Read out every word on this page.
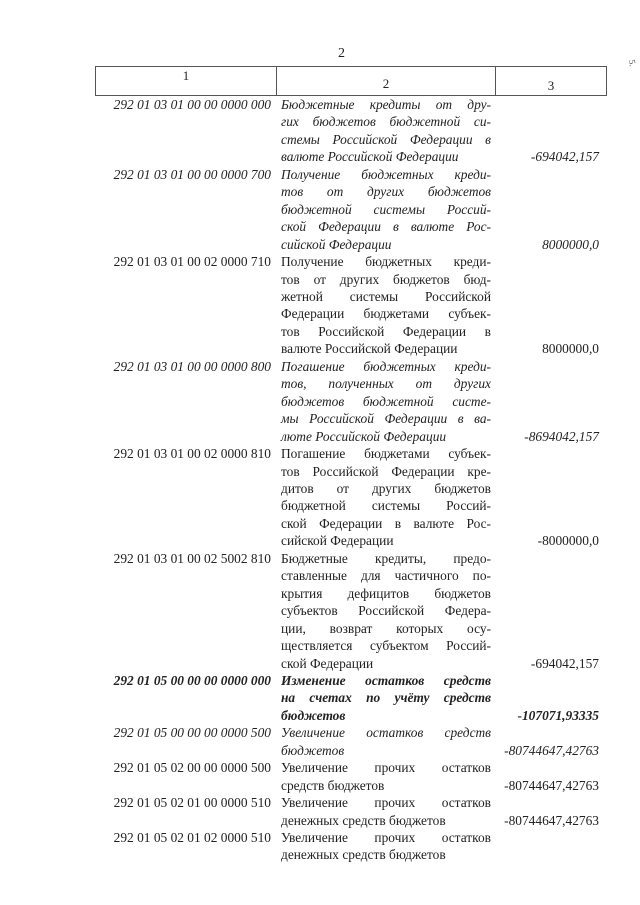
2
5.
1
2	3
292 01 03 01 00 00 0000 000 Бюджетные кредиты от дру-
гих бюджетов бюджетной си-
стемы Российской Федерации в
валюте Российской Федерации	-694042,157
292 01 03 01 00 00 0000 700 Получение бюджетных креди-
тов от других бюджетов
бюджетной системы Россий-
ской Федерации в валюте Рос-
сийской Федерации	8000000,0
292 01 03 01 00 02 0000 710 Получение бюджетных креди-
тов от других бюджетов бюд-
жетной системы Российской
Федерации бюджетами субъек-
тов Российской Федерации в
валюте Российской Федерации	8000000,0
292 01 03 01 00 00 0000 800 Погашение бюджетных креди-
тов, полученных от других
бюджетов бюджетной систе-
мы Российской Федерации в ва-
люте Российской Федерации	-8694042,157
292 01 03 01 00 02 0000 810 Погашение бюджетами субъек-
тов Российской Федерации кре-
дитов от других бюджетов
бюджетной системы Россий-
ской Федерации в валюте Рос-
сийской Федерации	-8000000,0
292 01 03 01 00 02 5002 810 Бюджетные кредиты, предо-
ставленные для частичного по-
крытия дефицитов бюджетов
субъектов Российской Федера-
ции, возврат которых осу-
ществляется субъектом Россий-
ской Федерации	-694042,157
292 01 05 00 00 00 0000 000 Изменение остатков средств
на счетах по учёту средств
бюджетов	-107071,93335
292 01 05 00 00 00 0000 500 Увеличение остатков средств
бюджетов	-80744647,42763
292 01 05 02 00 00 0000 500 Увеличение прочих остатков
средств бюджетов	-80744647,42763
292 01 05 02 01 00 0000 510 Увеличение прочих остатков
денежных средств бюджетов	-80744647,42763
292 01 05 02 01 02 0000 510 Увеличение прочих остатков
денежных средств бюджетов
